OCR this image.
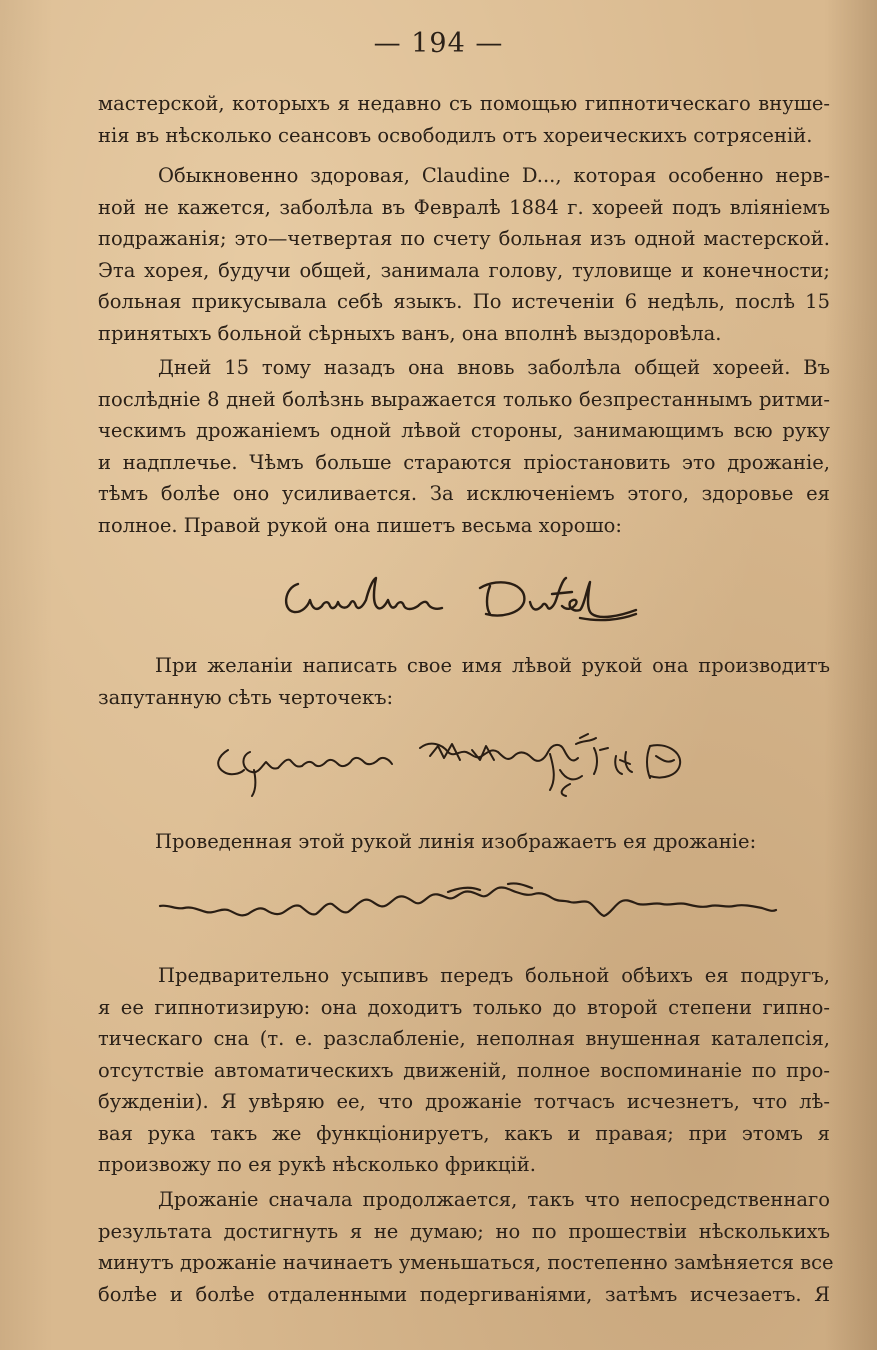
— 194 —
мастерской, которыхъ я недавно съ помощью гипнотическаго внуше-
нія въ нѣсколько сеансовъ освободилъ отъ хореическихъ сотрясеній.
Обыкновенно здоровая, Claudine D..., которая особенно нерв-
ной не кажется, заболѣла въ Февралѣ 1884 г. хореей подъ вліяніемъ
подражанія; это—четвертая по счету больная изъ одной мастерской.
Эта хорея, будучи общей, занимала голову, туловище и конечности;
больная прикусывала себѣ языкъ. По истеченіи 6 недѣль, послѣ 15
принятыхъ больной сѣрныхъ ванъ, она вполнѣ выздоровѣла.
Дней 15 тому назадъ она вновь заболѣла общей хореей. Въ
послѣдніе 8 дней болѣзнь выражается только безпрестаннымъ ритми-
ческимъ дрожаніемъ одной лѣвой стороны, занимающимъ всю руку
и надплечье. Чѣмъ больше стараются пріостановить это дрожаніе,
тѣмъ болѣе оно усиливается. За исключеніемъ этого, здоровье ея
полное. Правой рукой она пишетъ весьма хорошо:
При желаніи написать свое имя лѣвой рукой она производитъ
запутанную сѣть черточекъ:
Проведенная этой рукой линія изображаетъ ея дрожаніе:
Предварительно усыпивъ передъ больной обѣихъ ея подругъ,
я ее гипнотизирую: она доходитъ только до второй степени гипно-
тическаго сна (т. е. разслабленіе, неполная внушенная каталепсія,
отсутствіе автоматическихъ движеній, полное воспоминаніе по про-
бужденіи). Я увѣряю ее, что дрожаніе тотчасъ исчезнетъ, что лѣ-
вая рука такъ же функціонируетъ, какъ и правая; при этомъ я
произвожу по ея рукѣ нѣсколько фрикцій.
Дрожаніе сначала продолжается, такъ что непосредственнаго
результата достигнуть я не думаю; но по прошествіи нѣсколькихъ
минутъ дрожаніе начинаетъ уменьшаться, постепенно замѣняется все
болѣе и болѣе отдаленными подергиваніями, затѣмъ исчезаетъ. Я
